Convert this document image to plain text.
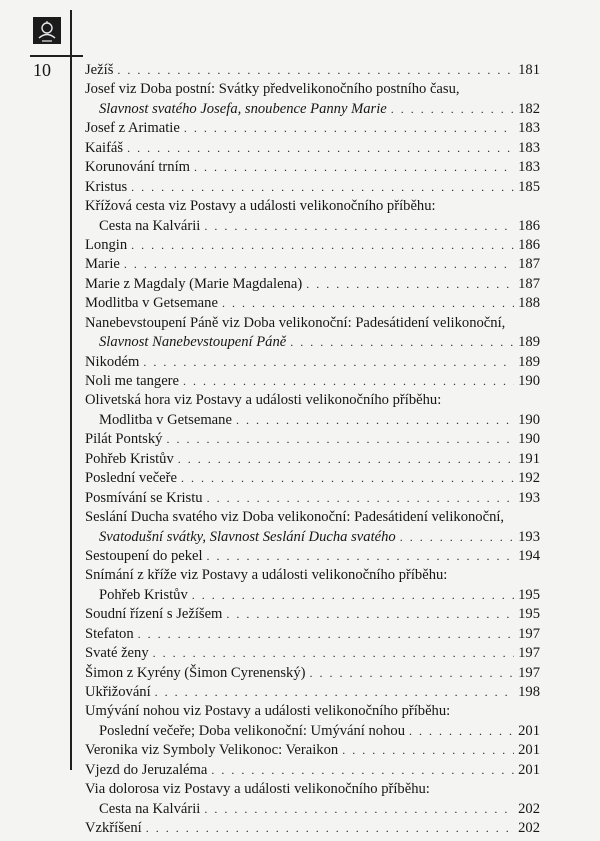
10 Ježíš . . .	181
Josef viz Doba postní: Svátky předvelikonočního postního času,
Slavnost svatého Josefa, snoubence Panny Marie . . .	182
Josef z Arimatie . . .	183
Kaifáš . . .	183
Korunování trním . . .	183
Kristus . . .	185
Křížová cesta viz Postavy a události velikonočního příběhu:
Cesta na Kalvárii . . .	186
Longin . . .	186
Marie . . .	187
Marie z Magdaly (Marie Magdalena) . . .	187
Modlitba v Getsemane . . .	188
Nanebevstoupení Páně viz Doba velikonoční: Padesátidení velikonoční,
Slavnost Nanebevstoupení Páně . . .	189
Nikodém . . .	189
Noli me tangere . . .	190
Olivetská hora viz Postavy a události velikonočního příběhu:
Modlitba v Getsemane . . .	190
Pilát Pontský . . .	190
Pohřeb Kristův . . .	191
Poslední večeře . . .	192
Posmívání se Kristu . . .	193
Seslání Ducha svatého viz Doba velikonoční: Padesátidení velikonoční,
Svatodušní svátky, Slavnost Seslání Ducha svatého . . .	193
Sestoupení do pekel . . .	194
Snímání z kříže viz Postavy a události velikonočního příběhu:
Pohřeb Kristův . . .	195
Soudní řízení s Ježíšem . . .	195
Stefaton . . .	197
Svaté ženy . . .	197
Šimon z Kyrény (Šimon Cyrenenský) . . .	197
Ukřižování . . .	198
Umývání nohou viz Postavy a události velikonočního příběhu:
Poslední večeře; Doba velikonoční: Umývání nohou . . .	201
Veronika viz Symboly Velikonoc: Veraikon . . .	201
Vjezd do Jeruzaléma . . .	201
Via dolorosa viz Postavy a události velikonočního příběhu:
Cesta na Kalvárii . . .	202
Vzkříšení . . .	202
